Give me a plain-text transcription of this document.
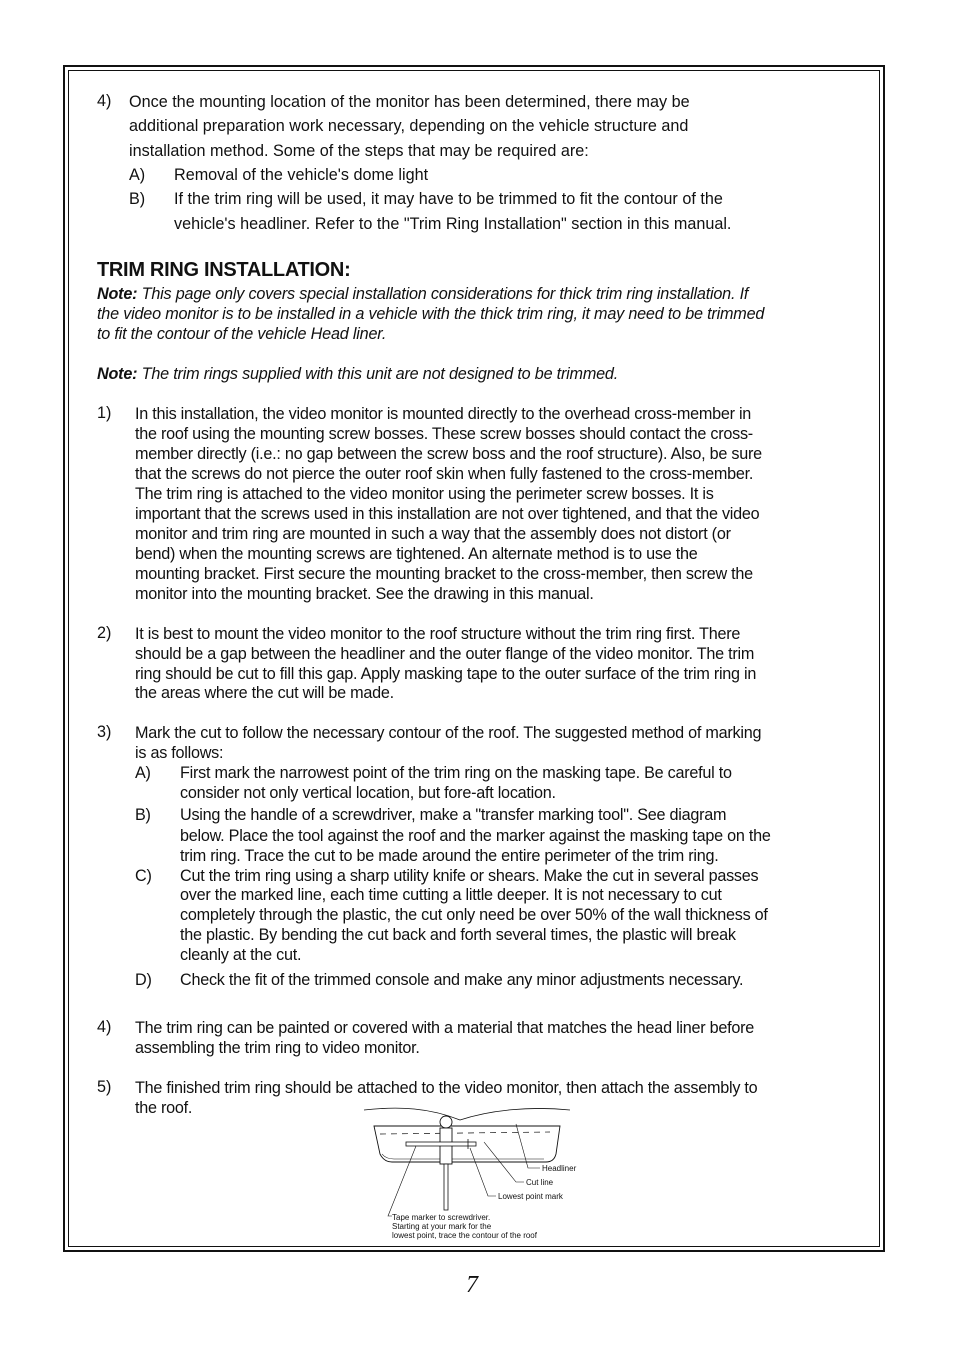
4) Once the mounting location of the monitor has been determined, there may be
additional preparation work necessary, depending on the vehicle structure and
installation method. Some of the steps that may be required are:
A) Removal of the vehicle's dome light
B) If the trim ring will be used, it may have to be trimmed to fit the contour of the
vehicle's headliner. Refer to the "Trim Ring Installation" section in this manual.
TRIM RING INSTALLATION:
Note: This page only covers special installation considerations for thick trim ring installation. If
the video monitor is to be installed in a vehicle with the thick trim ring, it may need to be trimmed
to fit the contour of the vehicle Head liner.
Note: The trim rings supplied with this unit are not designed to be trimmed.
1) In this installation, the video monitor is mounted directly to the overhead cross-member in
the roof using the mounting screw bosses. These screw bosses should contact the cross-
member directly (i.e.: no gap between the screw boss and the roof structure). Also, be sure
that the screws do not pierce the outer roof skin when fully fastened to the cross-member.
The trim ring is attached to the video monitor using the perimeter screw bosses. It is
important that the screws used in this installation are not over tightened, and that the video
monitor and trim ring are mounted in such a way that the assembly does not distort (or
bend) when the mounting screws are tightened. An alternate method is to use the
mounting bracket. First secure the mounting bracket to the cross-member, then screw the
monitor into the mounting bracket. See the drawing in this manual.
2) It is best to mount the video monitor to the roof structure without the trim ring first. There
should be a gap between the headliner and the outer flange of the video monitor. The trim
ring should be cut to fill this gap. Apply masking tape to the outer surface of the trim ring in
the areas where the cut will be made.
3) Mark the cut to follow the necessary contour of the roof. The suggested method of marking
is as follows:
A) First mark the narrowest point of the trim ring on the masking tape. Be careful to
consider not only vertical location, but fore-aft location.
B) Using the handle of a screwdriver, make a "transfer marking tool". See diagram
below. Place the tool against the roof and the marker against the masking tape on the
trim ring. Trace the cut to be made around the entire perimeter of the trim ring.
C) Cut the trim ring using a sharp utility knife or shears. Make the cut in several passes
over the marked line, each time cutting a little deeper. It is not necessary to cut
completely through the plastic, the cut only need be over 50% of the wall thickness of
the plastic. By bending the cut back and forth several times, the plastic will break
cleanly at the cut.
D) Check the fit of the trimmed console and make any minor adjustments necessary.
4) The trim ring can be painted or covered with a material that matches the head liner before
assembling the trim ring to video monitor.
5) The finished trim ring should be attached to the video monitor, then attach the assembly to
the roof.
Headliner
Cut line
Lowest point mark
Tape marker to screwdriver.
Starting at your mark for the
lowest point, trace the contour of the roof
7
